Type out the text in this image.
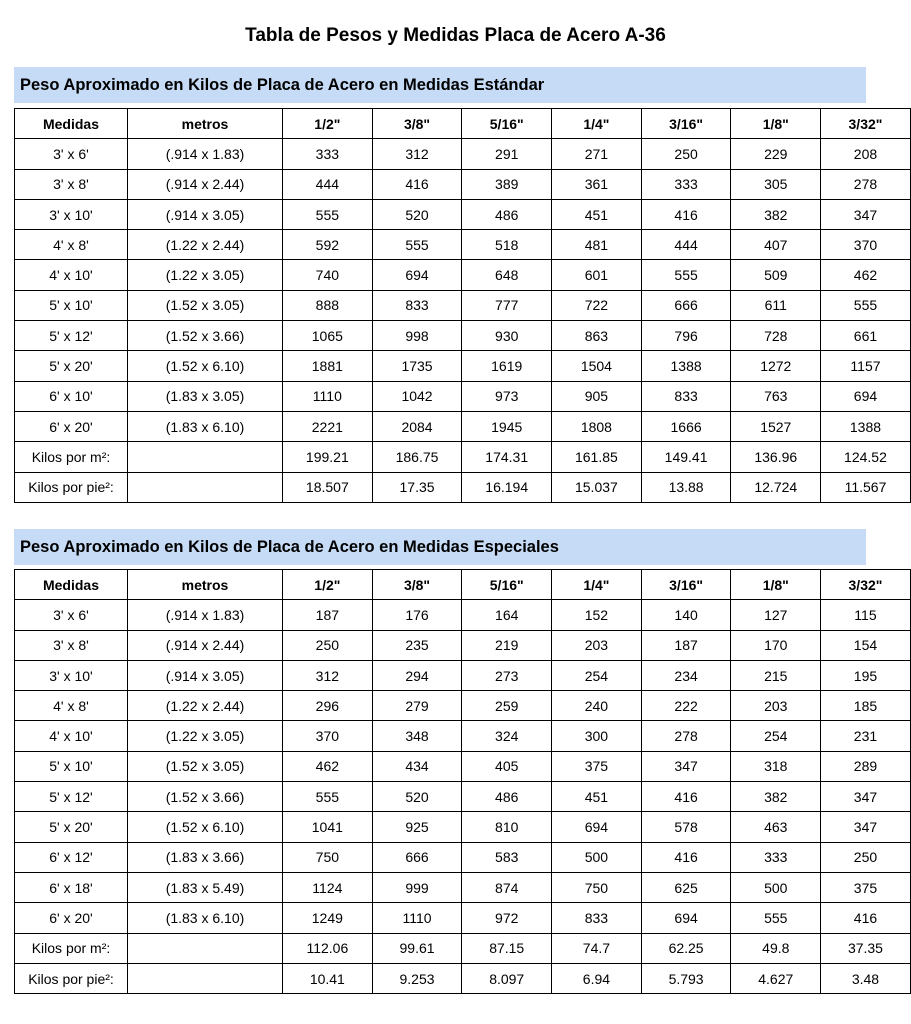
Tabla de Pesos y Medidas Placa de Acero A-36
Peso Aproximado en Kilos de Placa de Acero en Medidas Estándar
Medidas	metros	1/2"	3/8"	5/16"	1/4"	3/16"	1/8"	3/32"
3' x 6'	(.914 x 1.83)	333	312	291	271	250	229	208
3' x 8'	(.914 x 2.44)	444	416	389	361	333	305	278
3' x 10'	(.914 x 3.05)	555	520	486	451	416	382	347
4' x 8'	(1.22 x 2.44)	592	555	518	481	444	407	370
4' x 10'	(1.22 x 3.05)	740	694	648	601	555	509	462
5' x 10'	(1.52 x 3.05)	888	833	777	722	666	611	555
5' x 12'	(1.52 x 3.66)	1065	998	930	863	796	728	661
5' x 20'	(1.52 x 6.10)	1881	1735	1619	1504	1388	1272	1157
6' x 10'	(1.83 x 3.05)	1110	1042	973	905	833	763	694
6' x 20'	(1.83 x 6.10)	2221	2084	1945	1808	1666	1527	1388
Kilos por m²:		199.21	186.75	174.31	161.85	149.41	136.96	124.52
Kilos por pie²:		18.507	17.35	16.194	15.037	13.88	12.724	11.567
Peso Aproximado en Kilos de Placa de Acero en Medidas Especiales
Medidas	metros	1/2"	3/8"	5/16"	1/4"	3/16"	1/8"	3/32"
3' x 6'	(.914 x 1.83)	187	176	164	152	140	127	115
3' x 8'	(.914 x 2.44)	250	235	219	203	187	170	154
3' x 10'	(.914 x 3.05)	312	294	273	254	234	215	195
4' x 8'	(1.22 x 2.44)	296	279	259	240	222	203	185
4' x 10'	(1.22 x 3.05)	370	348	324	300	278	254	231
5' x 10'	(1.52 x 3.05)	462	434	405	375	347	318	289
5' x 12'	(1.52 x 3.66)	555	520	486	451	416	382	347
5' x 20'	(1.52 x 6.10)	1041	925	810	694	578	463	347
6' x 12'	(1.83 x 3.66)	750	666	583	500	416	333	250
6' x 18'	(1.83 x 5.49)	1124	999	874	750	625	500	375
6' x 20'	(1.83 x 6.10)	1249	1110	972	833	694	555	416
Kilos por m²:		112.06	99.61	87.15	74.7	62.25	49.8	37.35
Kilos por pie²:		10.41	9.253	8.097	6.94	5.793	4.627	3.48
